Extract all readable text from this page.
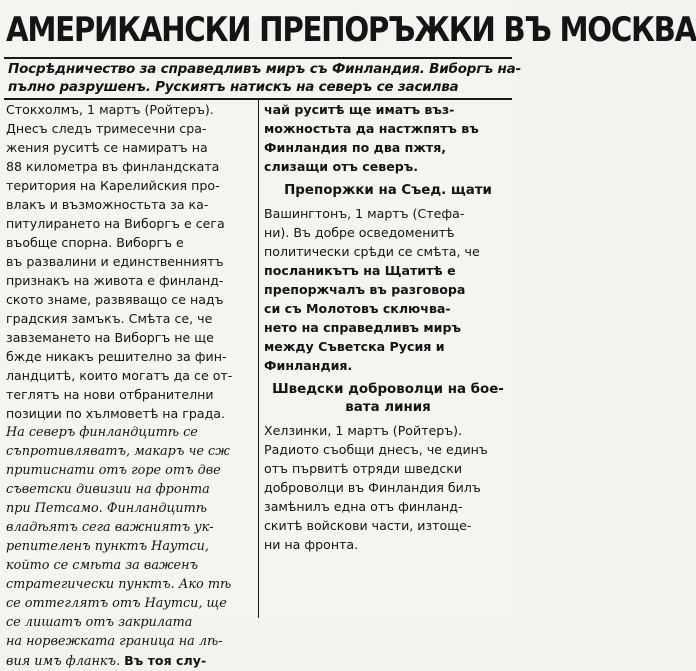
АМЕРИКАНСКИ ПРЕПОРЪЖКИ ВЪ МОСКВА
Посрѣдничество за справедливъ миръ съ Финландия. Виборгъ на-
пълно разрушенъ. Рускиятъ натискъ на северъ се засилва
Стокхолмъ, 1 мартъ (Ройтеръ).
Днесъ следъ тримесечни сра-
жения руситѣ се намиратъ на
88 километра въ финландската
територия на Карелийския про-
влакъ и възможностьта за ка-
питулирането на Виборгъ е сега
въобще спорна. Виборгъ е
въ развалини и единственниятъ
признакъ на живота е финланд-
ското знаме, развяващо се надъ
градския замъкъ. Смѣта се, че
завземането на Виборгъ не ще
бжде никакъ решително за фин-
ландцитѣ, които могатъ да се от-
теглятъ на нови отбранителни
позиции по хълмоветѣ на града.
На северъ финландцитѣ се
съпротивляватъ, макаръ че сж
притиснати отъ горе отъ две
съветски дивизии на фронта
при Петсамо. Финландцитѣ
владѣятъ сега важниятъ ук-
репителенъ пунктъ Наутси,
който се смѣта за важенъ
стратегически пунктъ. Ако тѣ
се оттеглятъ отъ Наутси, ще
се лишатъ отъ закрилата
на норвежката граница на лѣ-
вия имъ фланкъ. Въ тоя слу-
чай руситѣ ще иматъ въз-
можностьта да настжпятъ въ
Финландия по два пжтя,
слизащи отъ северъ.
Препоржки на Съед. щати
Вашингтонъ, 1 мартъ (Стефа-
ни). Въ добре осведоменитѣ
политически срѣди се смѣта, че
посланикътъ на Щатитѣ е
препоржчалъ въ разговора
си съ Молотовъ сключва-
нето на справедливъ миръ
между Съветска Русия и
Финландия.
Шведски доброволци на бое-
вата линия
Хелзинки, 1 мартъ (Ройтеръ).
Радиото съобщи днесъ, че единъ
отъ първитѣ отряди шведски
доброволци въ Финландия билъ
замѣнилъ една отъ финланд-
скитѣ войскови части, изтоще-
ни на фронта.
